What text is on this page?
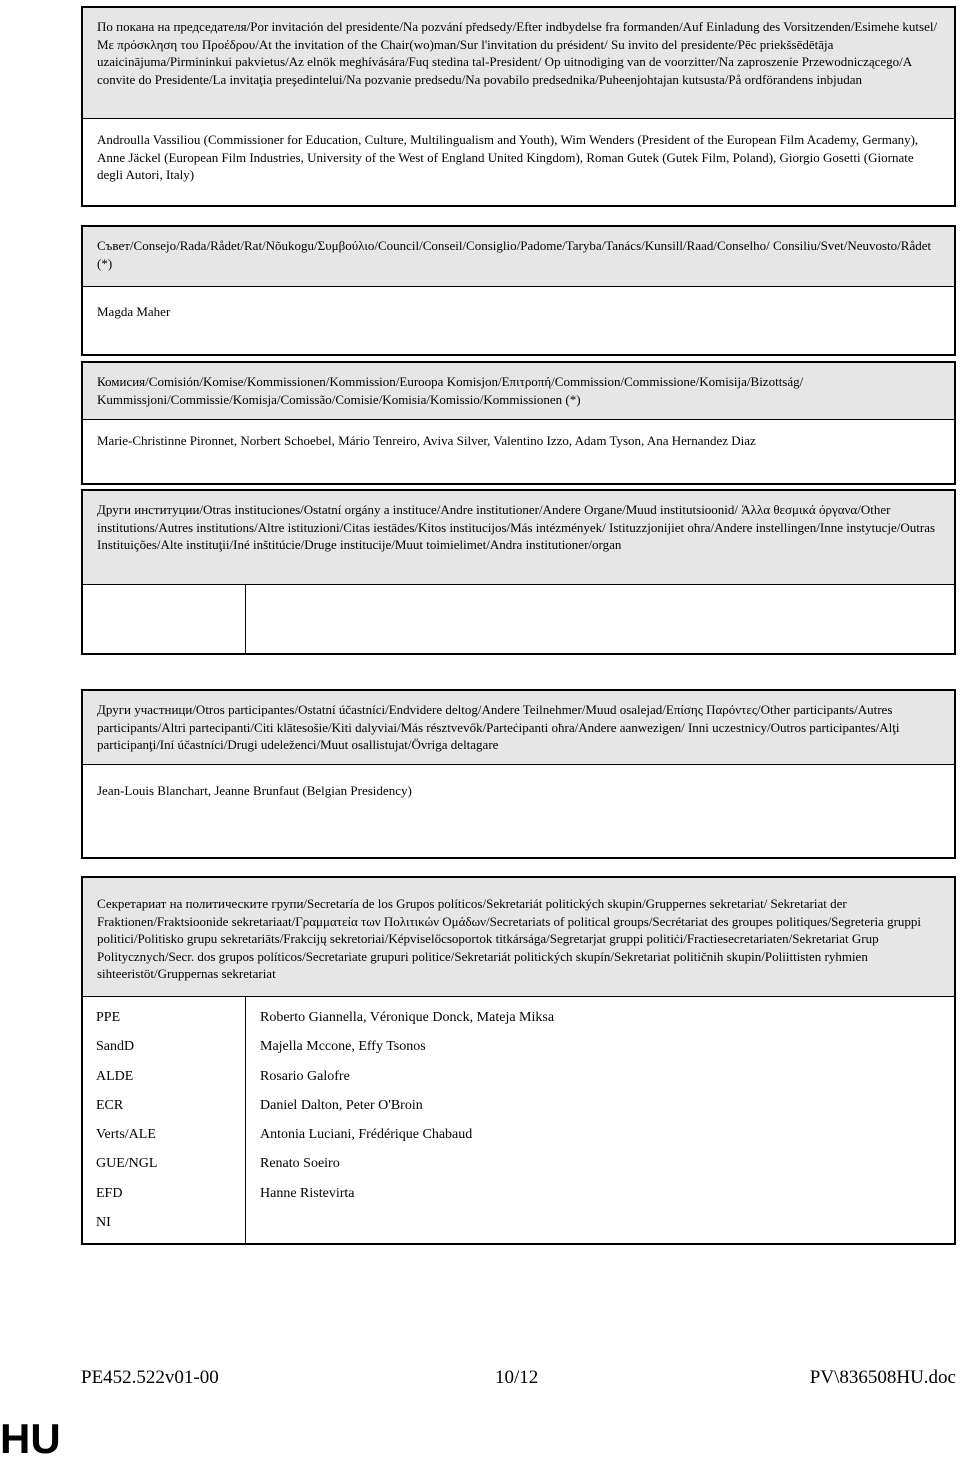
По покана на председателя/Por invitación del presidente/Na pozvání předsedy/Efter indbydelse fra formanden/Auf Einladung des Vorsitzenden/Esimehe kutsel/Με πρόσκληση του Προέδρου/At the invitation of the Chair(wo)man/Sur l'invitation du président/ Su invito del presidente/Pēc priekšsēdētāja uzaicinājuma/Pirmininkui pakvietus/Az elnök meghívására/Fuq stedina tal-President/ Op uitnodiging van de voorzitter/Na zaproszenie Przewodniczącego/A convite do Presidente/La invitaţia preşedintelui/Na pozvanie predsedu/Na povabilo predsednika/Puheenjohtajan kutsusta/På ordförandens inbjudan
Androulla Vassiliou (Commissioner for Education, Culture, Multilingualism and Youth), Wim Wenders (President of the European Film Academy, Germany), Anne Jäckel (European Film Industries, University of the West of England United Kingdom), Roman Gutek (Gutek Film, Poland), Giorgio Gosetti (Giornate degli Autori, Italy)
Съвет/Consejo/Rada/Rådet/Rat/Nõukogu/Συμβούλιο/Council/Conseil/Consiglio/Padome/Taryba/Tanács/Kunsill/Raad/Conselho/ Consiliu/Svet/Neuvosto/Rådet (*)
Magda Maher
Комисия/Comisión/Komise/Kommissionen/Kommission/Euroopa Komisjon/Επιτροπή/Commission/Commissione/Komisija/Bizottság/ Kummissjoni/Commissie/Komisja/Comissão/Comisie/Komisia/Komissio/Kommissionen (*)
Marie-Christinne Pironnet, Norbert Schoebel, Mário Tenreiro, Aviva Silver, Valentino Izzo, Adam Tyson, Ana Hernandez Diaz
Други институции/Otras instituciones/Ostatní orgány a instituce/Andre institutioner/Andere Organe/Muud institutsioonid/ Άλλα θεσμικά όργανα/Other institutions/Autres institutions/Altre istituzioni/Citas iestādes/Kitos institucijos/Más intézmények/ Istituzzjonijiet oħra/Andere instellingen/Inne instytucje/Outras Instituições/Alte instituţii/Iné inštitúcie/Druge institucije/Muut toimielimet/Andra institutioner/organ
Други участници/Otros participantes/Ostatní účastníci/Endvidere deltog/Andere Teilnehmer/Muud osalejad/Επίσης Παρόντες/Other participants/Autres participants/Altri partecipanti/Citi klātesošie/Kiti dalyviai/Más résztvevők/Parteċipanti oħra/Andere aanwezigen/ Inni uczestnicy/Outros participantes/Alţi participanţi/Iní účastníci/Drugi udeleženci/Muut osallistujat/Övriga deltagare
Jean-Louis Blanchart, Jeanne Brunfaut (Belgian Presidency)
Секретариат на политическите групи/Secretaría de los Grupos políticos/Sekretariát politických skupin/Gruppernes sekretariat/ Sekretariat der Fraktionen/Fraktsioonide sekretariaat/Γραμματεία των Πολιτικών Ομάδων/Secretariats of political groups/Secrétariat des groupes politiques/Segreteria gruppi politici/Politisko grupu sekretariāts/Frakcijų sekretoriai/Képviselőcsoportok titkársága/Segretarjat gruppi politiċi/Fractiesecretariaten/Sekretariat Grup Politycznych/Secr. dos grupos políticos/Secretariate grupuri politice/Sekretariát politických skupín/Sekretariat političnih skupin/Poliittisten ryhmien sihteeristöt/Gruppernas sekretariat
PPE
SandD
ALDE
ECR
Verts/ALE
GUE/NGL
EFD
NI
Roberto Giannella, Véronique Donck, Mateja Miksa
Majella Mccone, Effy Tsonos
Rosario Galofre
Daniel Dalton, Peter O'Broin
Antonia Luciani, Frédérique Chabaud
Renato Soeiro
Hanne Ristevirta
PE452.522v01-00	10/12	PV\836508HU.doc
HU
